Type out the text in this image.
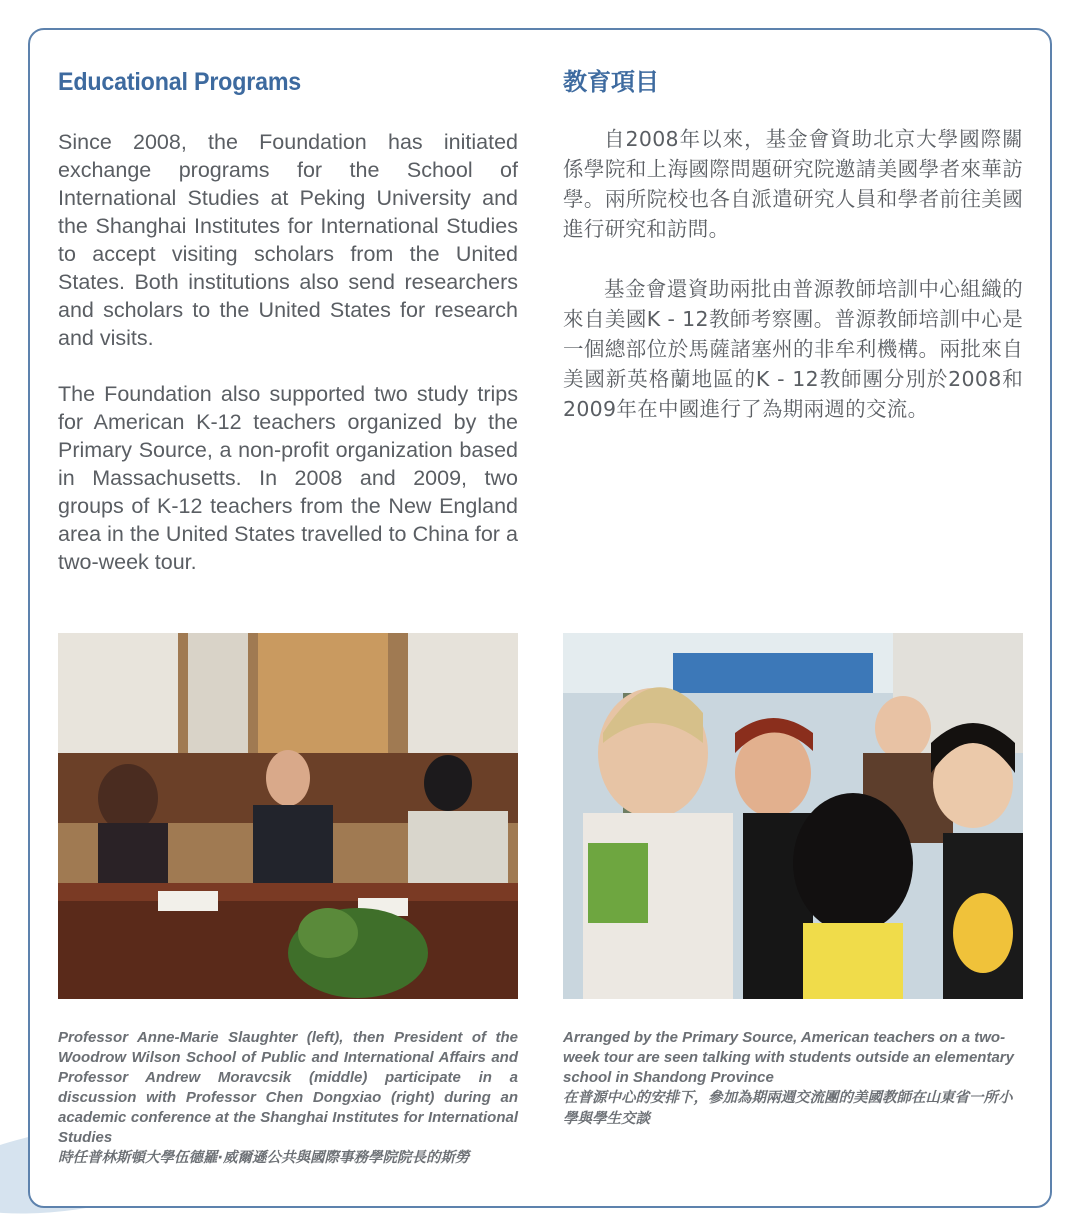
Educational Programs	教育項目

Since 2008, the Foundation has initiated exchange programs for the School of International Studies at Peking University and the Shanghai Institutes for International Studies to accept visiting scholars from the United States. Both institutions also send researchers and scholars to the United States for research and visits.

The Foundation also supported two study trips for American K-12 teachers organized by the Primary Source, a non-profit organization based in Massachusetts. In 2008 and 2009, two groups of K-12 teachers from the New England area in the United States travelled to China for a two-week tour.

自2008年以來，基金會資助北京大學國際關係學院和上海國際問題研究院邀請美國學者來華訪學。兩所院校也各自派遣研究人員和學者前往美國進行研究和訪問。

基金會還資助兩批由普源教師培訓中心組織的來自美國K - 12教師考察團。普源教師培訓中心是一個總部位於馬薩諸塞州的非牟利機構。兩批來自美國新英格蘭地區的K - 12教師團分別於2008和2009年在中國進行了為期兩週的交流。

Professor Anne-Marie Slaughter (left), then President of the Woodrow Wilson School of Public and International Affairs and Professor Andrew Moravcsik (middle) participate in a discussion with Professor Chen Dongxiao (right) during an academic conference at the Shanghai Institutes for International Studies
時任普林斯頓大學伍德羅·威爾遜公共與國際事務學院院長的斯勞
Arranged by the Primary Source, American teachers on a two-week tour are seen talking with students outside an elementary school in Shandong Province
在普源中心的安排下，參加為期兩週交流團的美國教師在山東省一所小學與學生交談
